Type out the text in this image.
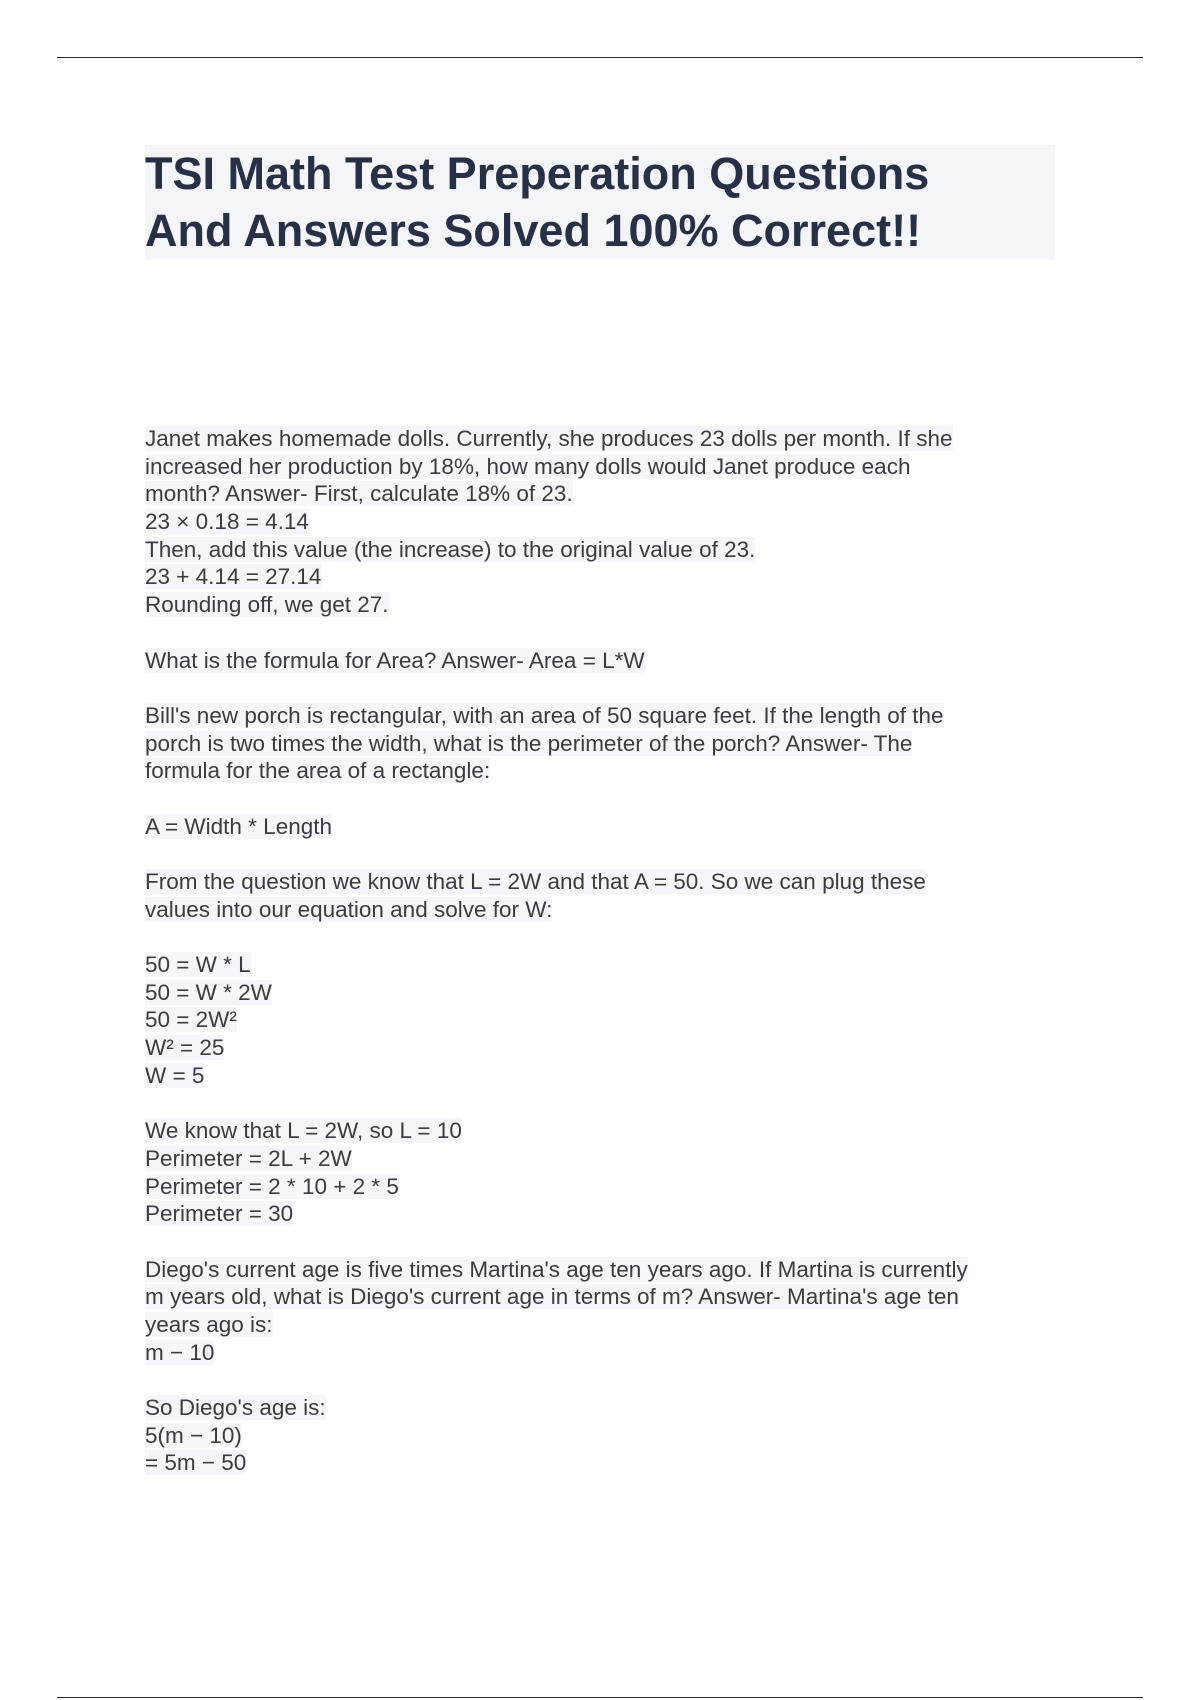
TSI Math Test Preperation Questions
And Answers Solved 100% Correct!!
Janet makes homemade dolls. Currently, she produces 23 dolls per month. If she
increased her production by 18%, how many dolls would Janet produce each
month? Answer- First, calculate 18% of 23.
23 × 0.18 = 4.14
Then, add this value (the increase) to the original value of 23.
23 + 4.14 = 27.14
Rounding off, we get 27.
What is the formula for Area? Answer- Area = L*W
Bill's new porch is rectangular, with an area of 50 square feet. If the length of the
porch is two times the width, what is the perimeter of the porch? Answer- The
formula for the area of a rectangle:
A = Width * Length
From the question we know that L = 2W and that A = 50. So we can plug these
values into our equation and solve for W:
50 = W * L
50 = W * 2W
50 = 2W²
W² = 25
W = 5
We know that L = 2W, so L = 10
Perimeter = 2L + 2W
Perimeter = 2 * 10 + 2 * 5
Perimeter = 30
Diego's current age is five times Martina's age ten years ago. If Martina is currently
m years old, what is Diego's current age in terms of m? Answer- Martina's age ten
years ago is:
m − 10
So Diego's age is:
5(m − 10)
= 5m − 50
